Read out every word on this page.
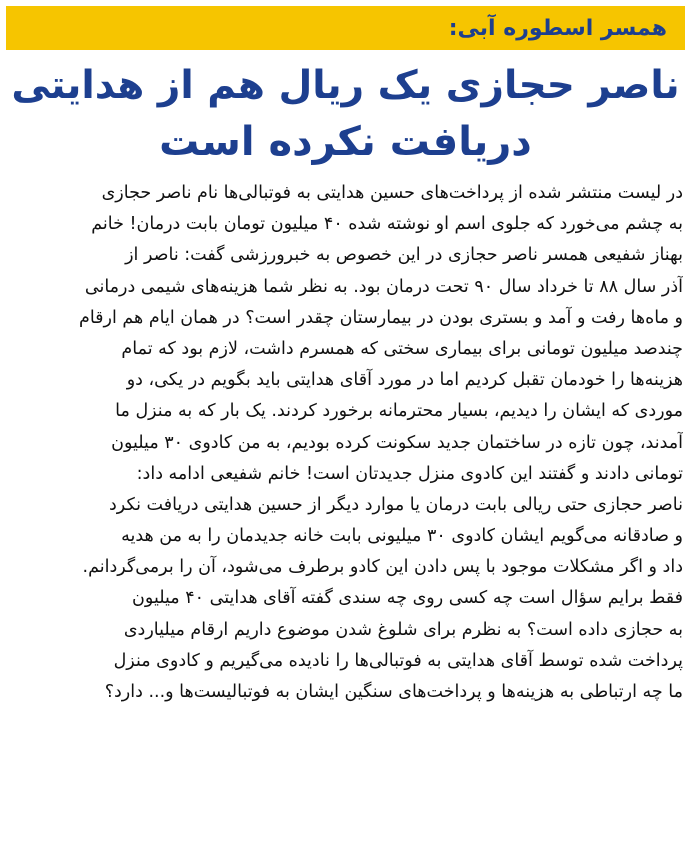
همسر اسطوره آبی:
ناصر حجازی یک ریال هم از هدایتی
دریافت نکرده است
در لیست منتشر شده از پرداخت‌های حسین هدایتی به فوتبالی‌ها نام ناصر حجازی
به چشم می‌خورد که جلوی اسم او نوشته شده ۴۰ میلیون تومان بابت درمان! خانم
بهناز شفیعی همسر ناصر حجازی در این خصوص به خبرورزشی گفت: ناصر از
آذر سال ۸۸ تا خرداد سال ۹۰ تحت درمان بود. به نظر شما هزینه‌های شیمی درمانی
و ماه‌ها رفت و آمد و بستری بودن در بیمارستان چقدر است؟ در همان ایام هم ارقام
چندصد میلیون تومانی برای بیماری سختی که همسرم داشت، لازم بود که تمام
هزینه‌ها را خودمان تقبل کردیم اما در مورد آقای هدایتی باید بگویم در یکی، دو
موردی که ایشان را دیدیم، بسیار محترمانه برخورد کردند. یک بار که به منزل ما
آمدند، چون تازه در ساختمان جدید سکونت کرده بودیم، به من کادوی ۳۰ میلیون
تومانی دادند و گفتند این کادوی منزل جدیدتان است! خانم شفیعی ادامه داد:
ناصر حجازی حتی ریالی بابت درمان یا موارد دیگر از حسین هدایتی دریافت نکرد
و صادقانه می‌گویم ایشان کادوی ۳۰ میلیونی بابت خانه جدیدمان را به من هدیه
داد و اگر مشکلات موجود با پس دادن این کادو برطرف می‌شود، آن را برمی‌گردانم.
فقط برایم سؤال است چه کسی روی چه سندی گفته آقای هدایتی ۴۰ میلیون
به حجازی داده است؟ به نظرم برای شلوغ شدن موضوع داریم ارقام میلیاردی
پرداخت شده توسط آقای هدایتی به فوتبالی‌ها را نادیده می‌گیریم و کادوی منزل
ما چه ارتباطی به هزینه‌ها و پرداخت‌های سنگین ایشان به فوتبالیست‌ها و... دارد؟
